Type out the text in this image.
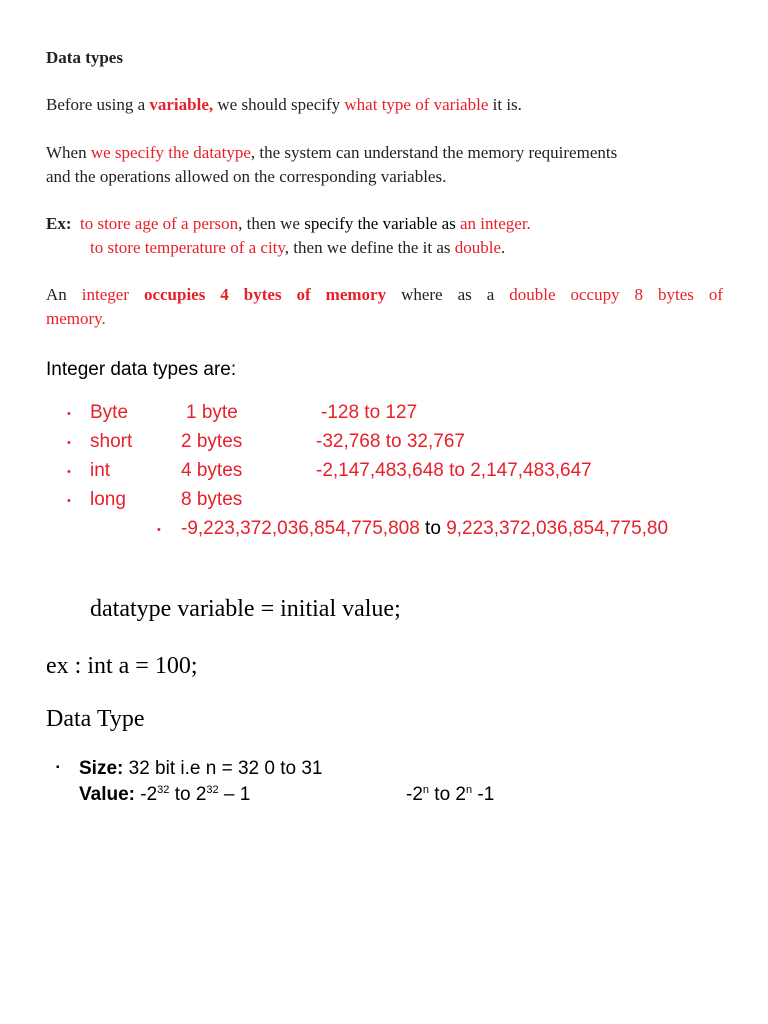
Data types
Before using a variable, we should specify what type of variable it is.
When we specify the datatype, the system can understand the memory requirements
and the operations allowed on the corresponding variables.
Ex: to store age of a person, then we specify the variable as an integer.
to store temperature of a city, then we define the it as double.
An integer occupies 4 bytes of memory where as a double occupy 8 bytes of
memory.
Integer data types are:
• Byte	1 byte	-128 to 127
• short	2 bytes	-32,768 to 32,767
• int	4 bytes	-2,147,483,648 to 2,147,483,647
• long	8 bytes
• -9,223,372,036,854,775,808 to 9,223,372,036,854,775,80
datatype variable = initial value;
ex : int a = 100;
Data Type
▪ Size: 32 bit i.e n = 32 0 to 31
Value: $-2^{32}$ to $2^{32} - 1$	-2$^n$ to 2$^n$ -1
